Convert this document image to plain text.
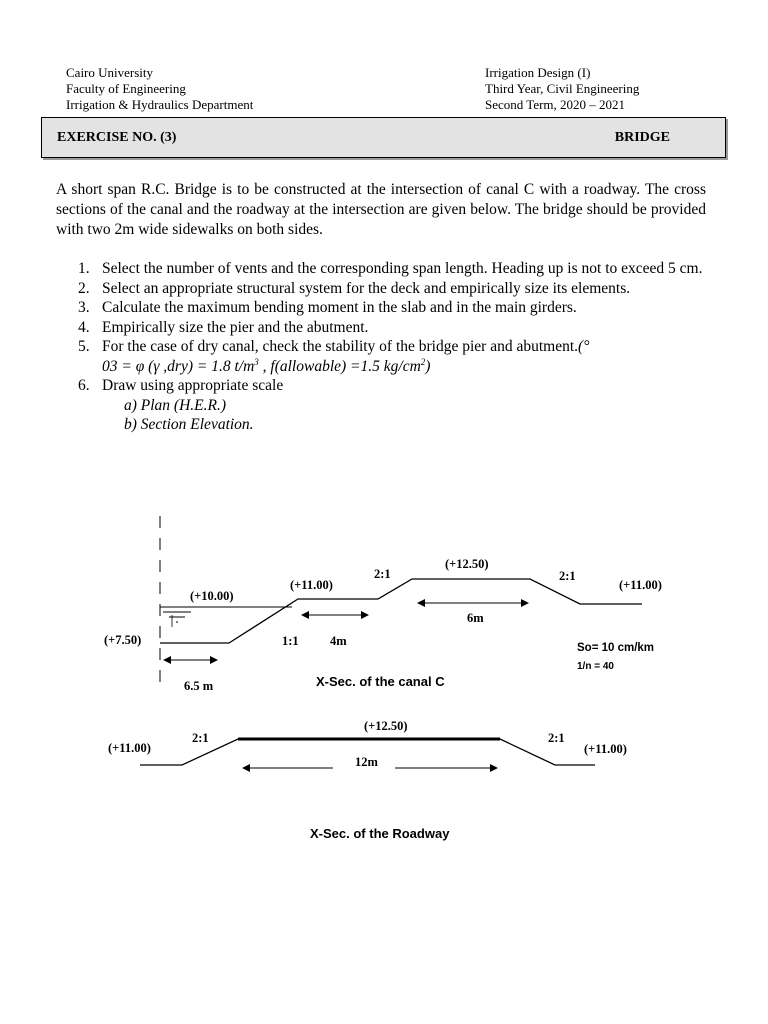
Cairo University
Faculty of Engineering
Irrigation & Hydraulics Department
Irrigation Design (I)
Third Year, Civil Engineering
Second Term, 2020 – 2021
EXERCISE NO. (3)	BRIDGE

A short span R.C. Bridge is to be constructed at the intersection of canal C with a roadway. The cross sections of the canal and the roadway at the intersection are given below. The bridge should be provided with two 2m wide sidewalks on both sides.

1. Select the number of vents and the corresponding span length. Heading up is not to exceed 5 cm.
2. Select an appropriate structural system for the deck and empirically size its elements.
3. Calculate the maximum bending moment in the slab and in the main girders.
4. Empirically size the pier and the abutment.
5. For the case of dry canal, check the stability of the bridge pier and abutment.(°
03 = φ (γ ,dry) = 1.8 $t/m^3$ , f(allowable) =1.5 $kg/cm^2$)
6. Draw using appropriate scale
a) Plan (H.E.R.)
b) Section Elevation.
(+7.50)
(+10.00)
(+11.00)
(+12.50)
(+11.00)
2:1	2:1
1:1	4m
6m
6.5 m
So= 10 cm/km
1/n = 40
X-Sec. of the canal C
(+11.00)
(+12.50)
(+11.00)
2:1	2:1
12m
X-Sec. of the Roadway
